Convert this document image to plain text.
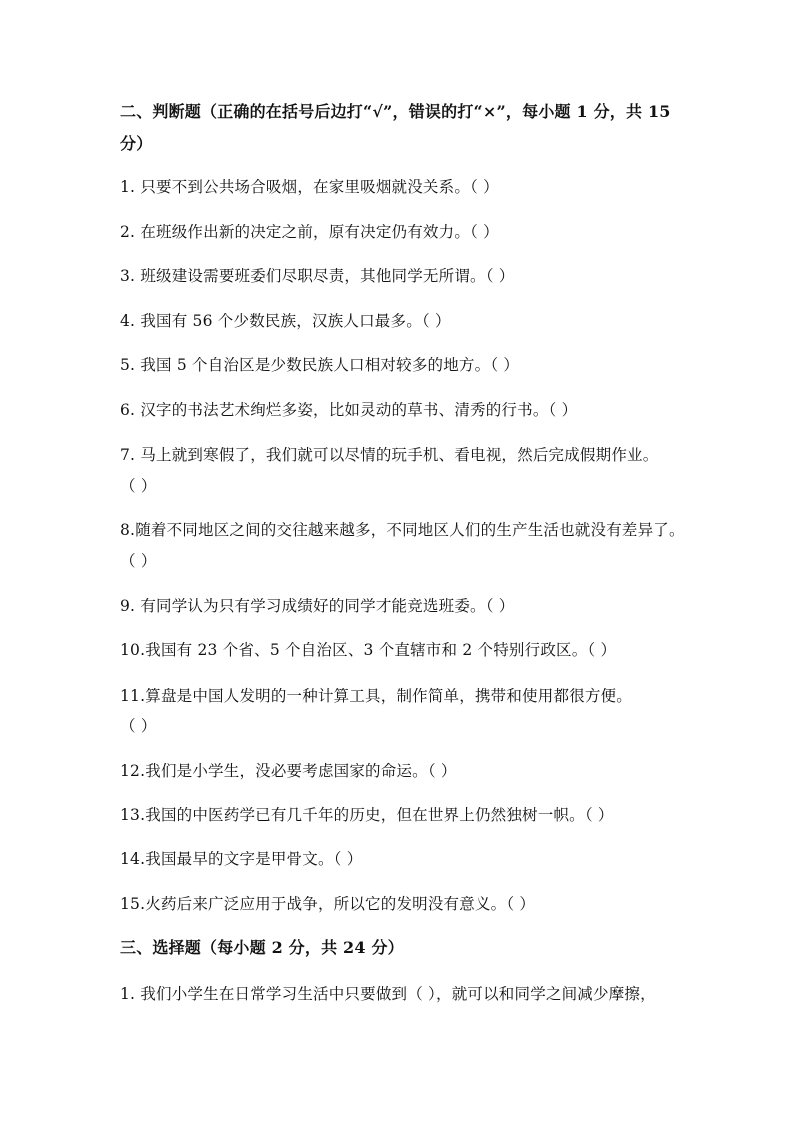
二、判断题（正确的在括号后边打“√”，错误的打“×”，每小题 1 分，共 15
分）
1. 只要不到公共场合吸烟，在家里吸烟就没关系。（ ）
2. 在班级作出新的决定之前，原有决定仍有效力。（ ）
3. 班级建设需要班委们尽职尽责，其他同学无所谓。（ ）
4. 我国有 56 个少数民族，汉族人口最多。（ ）
5. 我国 5 个自治区是少数民族人口相对较多的地方。（ ）
6. 汉字的书法艺术绚烂多姿，比如灵动的草书、清秀的行书。（ ）
7. 马上就到寒假了，我们就可以尽情的玩手机、看电视，然后完成假期作业。
（ ）
8.随着不同地区之间的交往越来越多，不同地区人们的生产生活也就没有差异了。
（ ）
9. 有同学认为只有学习成绩好的同学才能竞选班委。（ ）
10.我国有 23 个省、5 个自治区、3 个直辖市和 2 个特别行政区。（ ）
11.算盘是中国人发明的一种计算工具，制作简单，携带和使用都很方便。
（ ）
12.我们是小学生，没必要考虑国家的命运。（ ）
13.我国的中医药学已有几千年的历史，但在世界上仍然独树一帜。（ ）
14.我国最早的文字是甲骨文。（ ）
15.火药后来广泛应用于战争，所以它的发明没有意义。（ ）
三、选择题（每小题 2 分，共 24 分）
1. 我们小学生在日常学习生活中只要做到（ ），就可以和同学之间减少摩擦，
